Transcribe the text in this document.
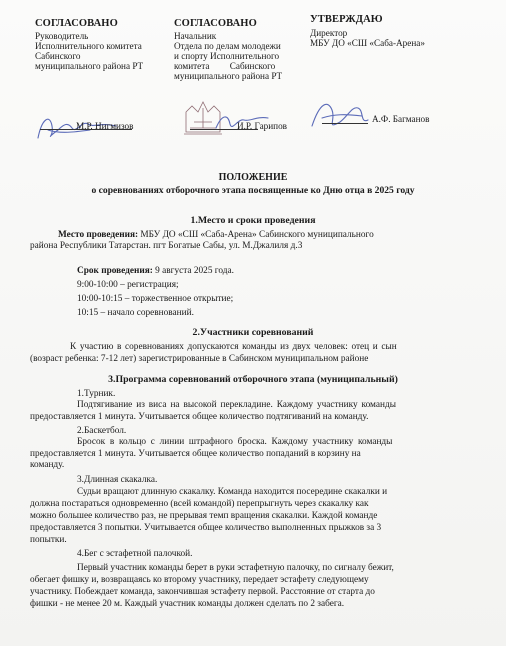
СОГЛАСОВАНО
Руководитель
Исполнительного комитета
Сабинского
муниципального района РТ
СОГЛАСОВАНО
Начальник
Отдела по делам молодежи
и спорту Исполнительного
комитета Сабинского
муниципального района РТ
УТВЕРЖДАЮ
Директор
МБУ ДО «СШ «Саба-Арена»
М.Р. Нигмизов	И.Р. Гарипов
А.Ф. Багманов
ПОЛОЖЕНИЕ
о соревнованиях отборочного этапа посвященные ко Дню отца в 2025 году
1.Место и сроки проведения
Место проведения: МБУ ДО «СШ «Саба-Арена» Сабинского муниципального
района Республики Татарстан. пгт Богатые Сабы, ул. М.Джалиля д.3
Срок проведения: 9 августа 2025 года.
9:00-10:00 – регистрация;
10:00-10:15 – торжественное открытие;
10:15 – начало соревнований.
2.Участники соревнований
К участию в соревнованиях допускаются команды из двух человек: отец и сын
(возраст ребенка: 7-12 лет) зарегистрированные в Сабинском муниципальном районе
3.Программа соревнований отборочного этапа (муниципальный)
1.Турник.
Подтягивание из виса на высокой перекладине. Каждому участнику команды
предоставляется 1 минута. Учитывается общее количество подтягиваний на команду.
2.Баскетбол.
Бросок в кольцо с линии штрафного броска. Каждому участнику команды
предоставляется 1 минута. Учитывается общее количество попаданий в корзину на
команду.
3.Длинная скакалка.
Судьи вращают длинную скакалку. Команда находится посередине скакалки и
должна постараться одновременно (всей командой) перепрыгнуть через скакалку как
можно большее количество раз, не прерывая темп вращения скакалки. Каждой команде
предоставляется 3 попытки. Учитывается общее количество выполненных прыжков за 3
попытки.
4.Бег с эстафетной палочкой.
Первый участник команды берет в руки эстафетную палочку, по сигналу бежит,
обегает фишку и, возвращаясь ко второму участнику, передает эстафету следующему
участнику. Побеждает команда, закончившая эстафету первой. Расстояние от старта до
фишки - не менее 20 м. Каждый участник команды должен сделать по 2 забега.
